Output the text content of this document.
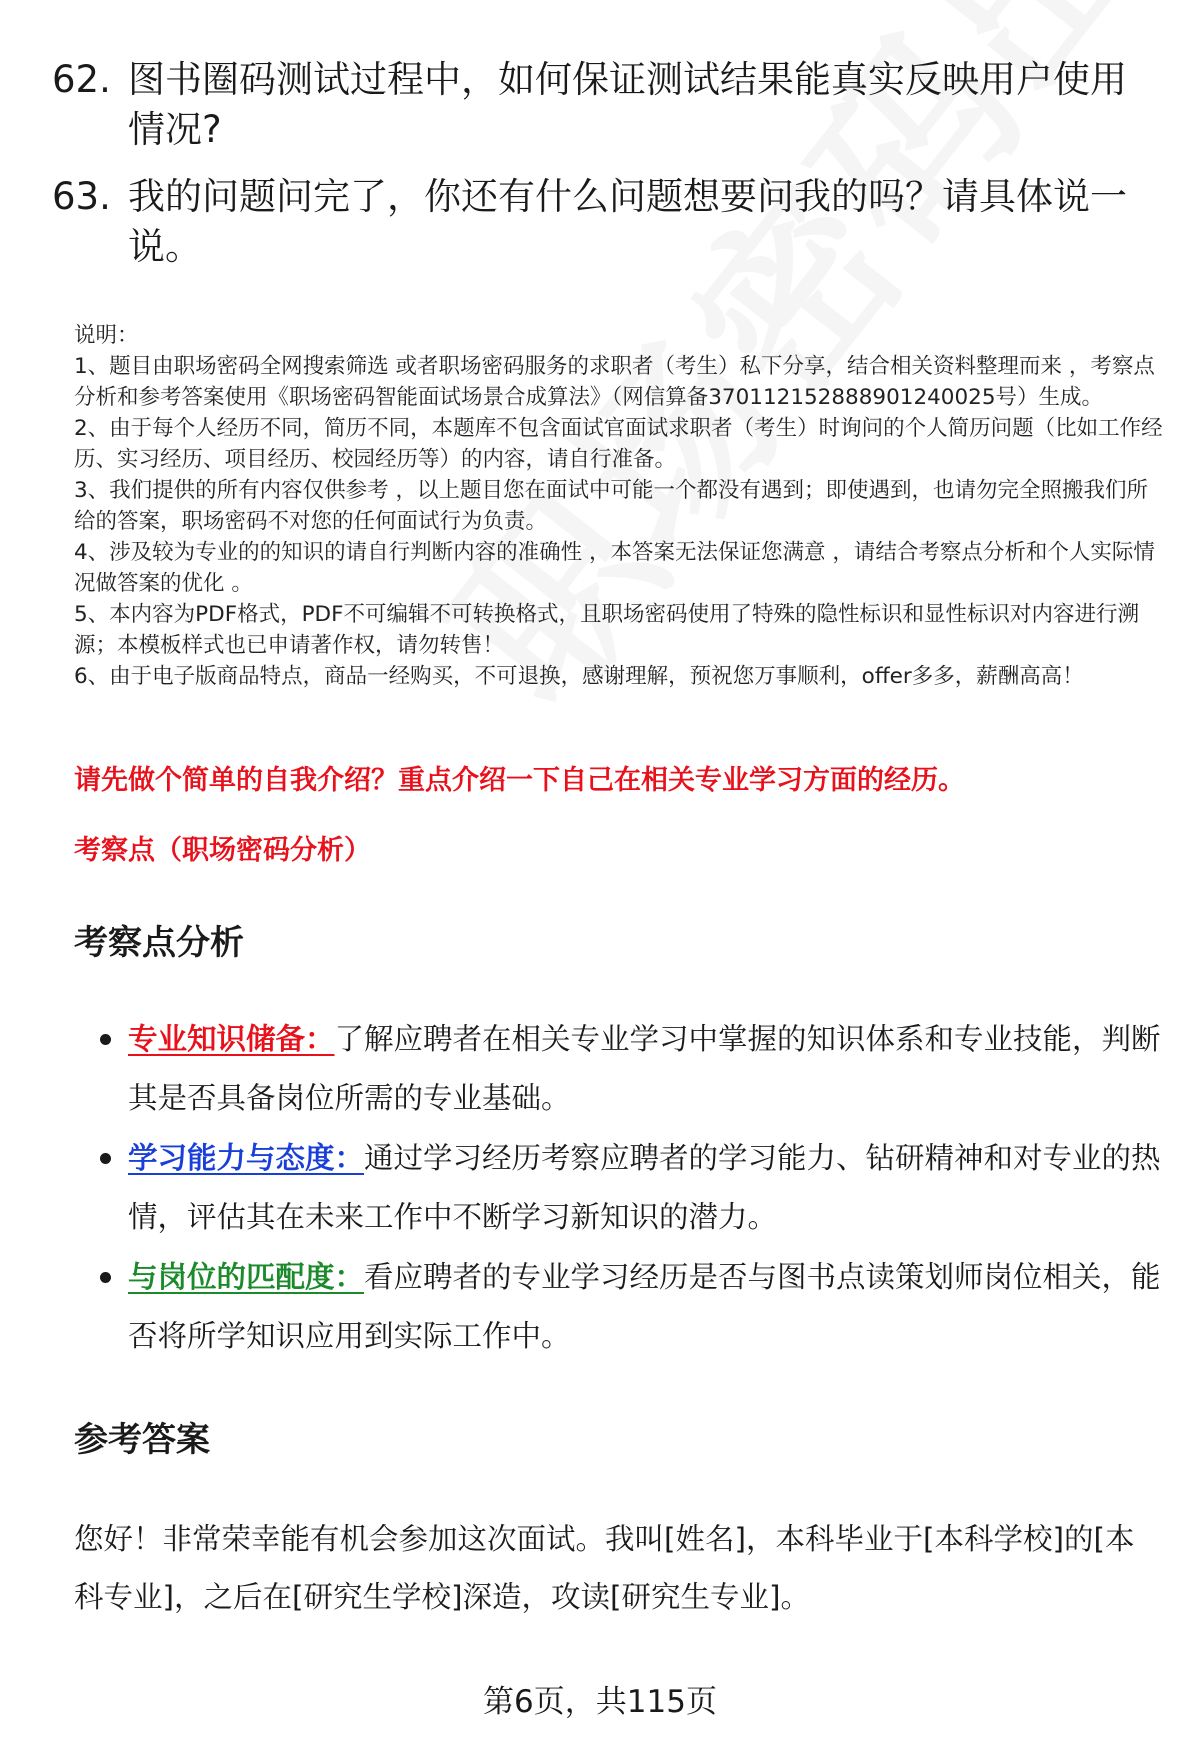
62. 图书圈码测试过程中，如何保证测试结果能真实反映用户使用情况?
63. 我的问题问完了，你还有什么问题想要问我的吗？请具体说一说。

说明：

1、题目由职场密码全网搜索筛选 或者职场密码服务的求职者（考生）私下分享，结合相关资料整理而来 ，考察点分析和参考答案使用《职场密码智能面试场景合成算法》（网信算备370112152888901240025号）生成。

2、由于每个人经历不同，简历不同，本题库不包含面试官面试求职者（考生）时询问的个人简历问题（比如工作经历、实习经历、项目经历、校园经历等）的内容，请自行准备。

3、我们提供的所有内容仅供参考 ，以上题目您在面试中可能一个都没有遇到；即使遇到，也请勿完全照搬我们所给的答案，职场密码不对您的任何面试行为负责。

4、涉及较为专业的的知识的请自行判断内容的准确性 ，本答案无法保证您满意 ，请结合考察点分析和个人实际情况做答案的优化 。

5、本内容为PDF格式，PDF不可编辑不可转换格式，且职场密码使用了特殊的隐性标识和显性标识对内容进行溯源；本模板样式也已申请著作权，请勿转售！

6、由于电子版商品特点，商品一经购买，不可退换，感谢理解，预祝您万事顺利，offer多多，薪酬高高！

请先做个简单的自我介绍？重点介绍一下自己在相关专业学习方面的经历。
考察点（职场密码分析）
考察点分析
专业知识储备：了解应聘者在相关专业学习中掌握的知识体系和专业技能，判断其是否具备岗位所需的专业基础。
学习能力与态度：通过学习经历考察应聘者的学习能力、钻研精神和对专业的热情，评估其在未来工作中不断学习新知识的潜力。
与岗位的匹配度：看应聘者的专业学习经历是否与图书点读策划师岗位相关，能否将所学知识应用到实际工作中。
参考答案

您好！非常荣幸能有机会参加这次面试。我叫[姓名]，本科毕业于[本科学校]的[本科专业]，之后在[研究生学校]深造，攻读[研究生专业]。

第6页，共115页
